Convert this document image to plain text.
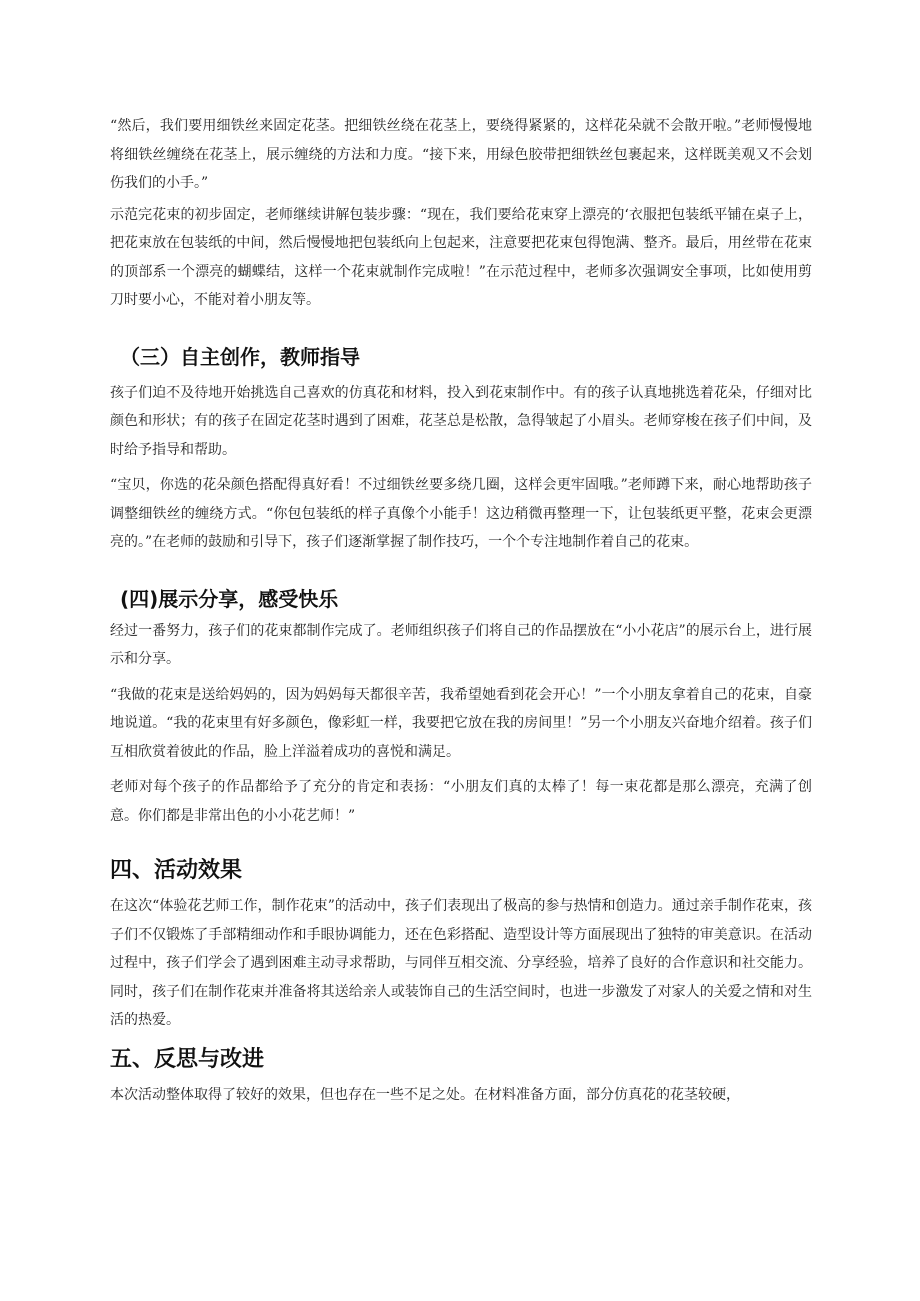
“然后，我们要用细铁丝来固定花茎。把细铁丝绕在花茎上，要绕得紧紧的，这样花朵就不会散开啦。”老师慢慢地将细铁丝缠绕在花茎上，展示缠绕的方法和力度。“接下来，用绿色胶带把细铁丝包裹起来，这样既美观又不会划伤我们的小手。”

示范完花束的初步固定，老师继续讲解包装步骤：“现在，我们要给花束穿上漂亮的‘衣服把包装纸平铺在桌子上，把花束放在包装纸的中间，然后慢慢地把包装纸向上包起来，注意要把花束包得饱满、整齐。最后，用丝带在花束的顶部系一个漂亮的蝴蝶结，这样一个花束就制作完成啦！”在示范过程中，老师多次强调安全事项，比如使用剪刀时要小心，不能对着小朋友等。

（三）自主创作，教师指导

孩子们迫不及待地开始挑选自己喜欢的仿真花和材料，投入到花束制作中。有的孩子认真地挑选着花朵，仔细对比颜色和形状；有的孩子在固定花茎时遇到了困难，花茎总是松散，急得皱起了小眉头。老师穿梭在孩子们中间，及时给予指导和帮助。

“宝贝，你选的花朵颜色搭配得真好看！不过细铁丝要多绕几圈，这样会更牢固哦。”老师蹲下来，耐心地帮助孩子调整细铁丝的缠绕方式。“你包包装纸的样子真像个小能手！这边稍微再整理一下，让包装纸更平整，花束会更漂亮的。”在老师的鼓励和引导下，孩子们逐渐掌握了制作技巧，一个个专注地制作着自己的花束。

(四)展示分享，感受快乐

经过一番努力，孩子们的花束都制作完成了。老师组织孩子们将自己的作品摆放在“小小花店”的展示台上，进行展示和分享。

“我做的花束是送给妈妈的，因为妈妈每天都很辛苦，我希望她看到花会开心！”一个小朋友拿着自己的花束，自豪地说道。“我的花束里有好多颜色，像彩虹一样，我要把它放在我的房间里！”另一个小朋友兴奋地介绍着。孩子们互相欣赏着彼此的作品，脸上洋溢着成功的喜悦和满足。

老师对每个孩子的作品都给予了充分的肯定和表扬：“小朋友们真的太棒了！每一束花都是那么漂亮，充满了创意。你们都是非常出色的小小花艺师！”

四、活动效果

在这次“体验花艺师工作，制作花束”的活动中，孩子们表现出了极高的参与热情和创造力。通过亲手制作花束，孩子们不仅锻炼了手部精细动作和手眼协调能力，还在色彩搭配、造型设计等方面展现出了独特的审美意识。在活动过程中，孩子们学会了遇到困难主动寻求帮助，与同伴互相交流、分享经验，培养了良好的合作意识和社交能力。同时，孩子们在制作花束并准备将其送给亲人或装饰自己的生活空间时，也进一步激发了对家人的关爱之情和对生活的热爱。

五、反思与改进

本次活动整体取得了较好的效果，但也存在一些不足之处。在材料准备方面，部分仿真花的花茎较硬，
